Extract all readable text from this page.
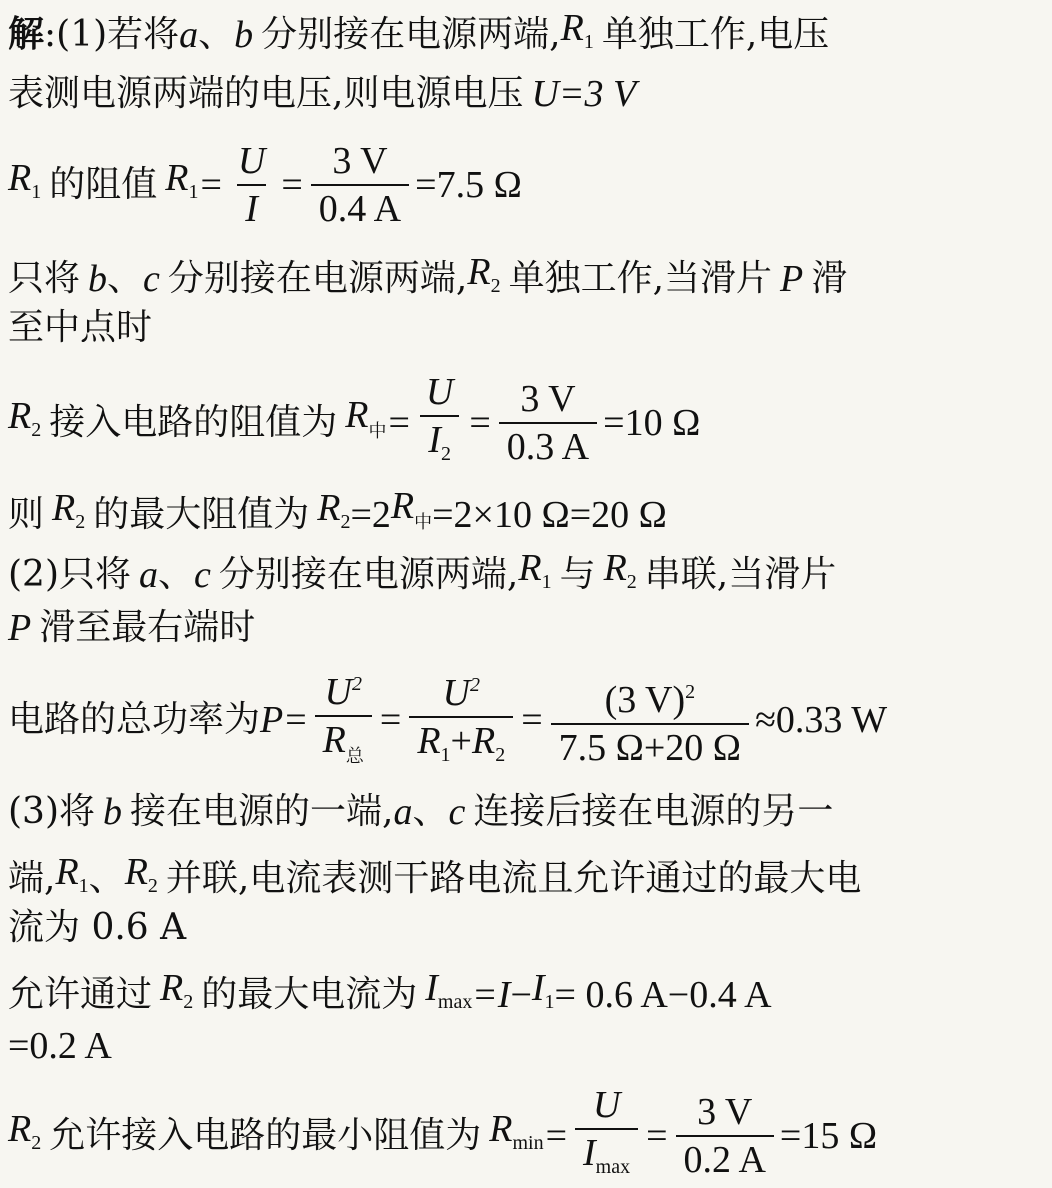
解 :(1)若将 a 、 b 分别接在电源两端, $R_1$ 单独工作,电压
表测电源两端的电压,则电源电压 U=3 V
$R_1$ 的阻值 $R_1 = \frac{U}{I} = \frac{3 V}{0.4 A} =7.5$ Ω
只将 b 、 c 分别接在电源两端, $R_2$ 单独工作,当滑片 P 滑
至中点时
$R_2$ 接入电路的阻值为 $R_中 = \frac{U}{I_2} = \frac{3 V}{0.3 A} =10$ Ω
则 $R_2$ 的最大阻值为 $R_2 =2$ $R_中 =2\times 10$ Ω=20 Ω
(2)只将 a 、 c 分别接在电源两端, $R_1$ 与 $R_2$ 串联,当滑片
P 滑至最右端时
电路的总功率为 $P = \frac{U^2}{R_总} = \frac{U^2}{R_1+R_2} = \frac{(3 V)^2}{7.5 \Omega+20 \Omega} \approx 0.33$ W
(3)将 b 接在电源的一端, a 、 c 连接后接在电源的另一
端, $R_1$ 、 $R_2$ 并联,电流表测干路电流且允许通过的最大电
流为 0.6 A
允许通过 $R_2$ 的最大电流为 $I_{max} = I - I_1 = 0.6$ A−0.4 A
=0.2 A
$R_2$ 允许接入电路的最小阻值为 $R_{min} = \frac{U}{I_{max}} = \frac{3 V}{0.2 A} =15$ Ω
